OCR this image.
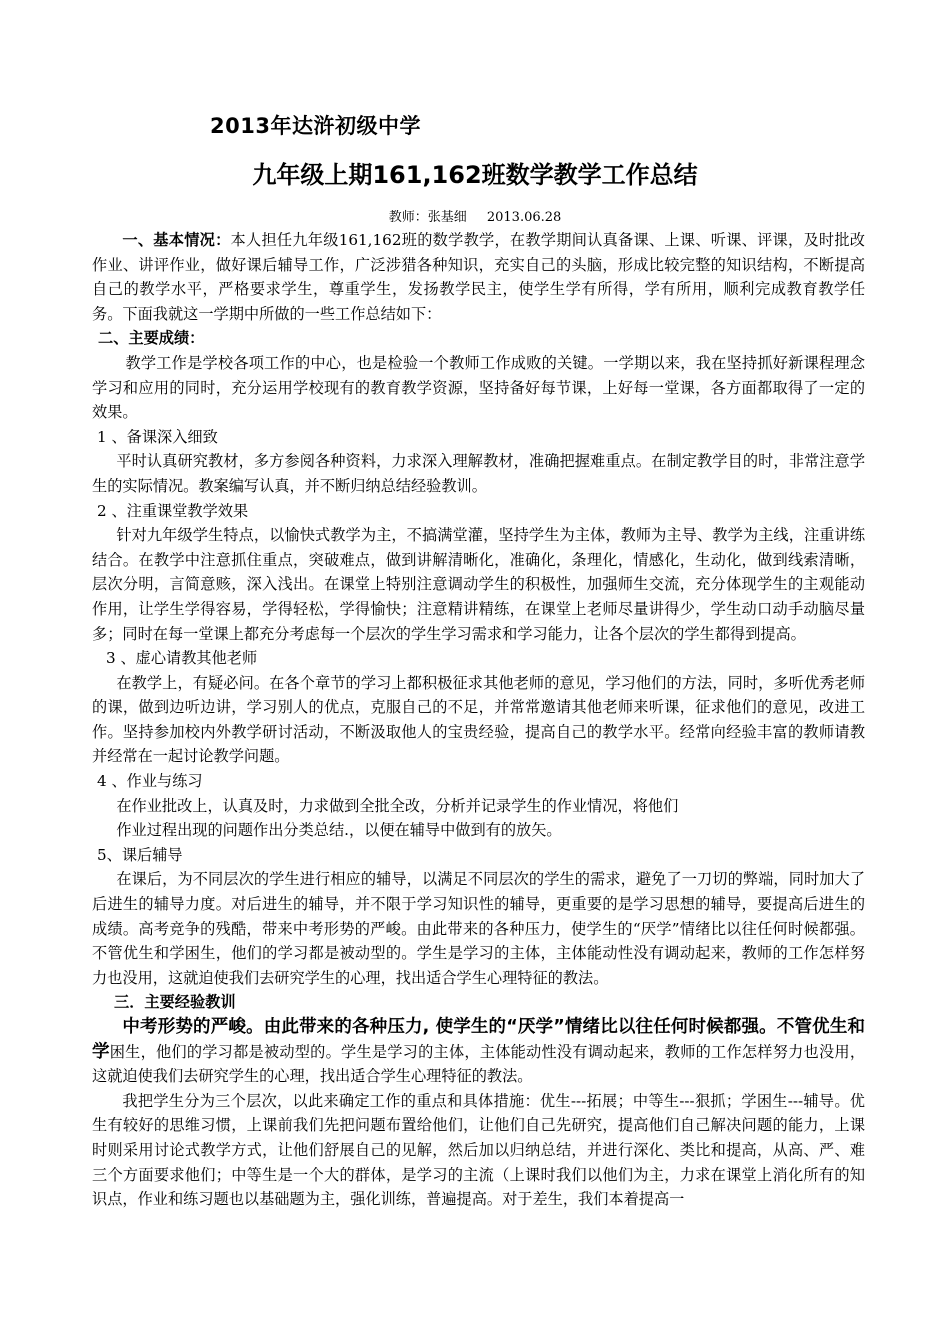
2013年达浒初级中学
九年级上期161,162班数学教学工作总结
教师：张基细 2013.06.28

一、基本情况：本人担任九年级161,162班的数学教学，在教学期间认真备课、上课、听课、评课，及时批改作业、讲评作业，做好课后辅导工作，广泛涉猎各种知识，充实自己的头脑，形成比较完整的知识结构，不断提高自己的教学水平，严格要求学生，尊重学生，发扬教学民主，使学生学有所得，学有所用，顺利完成教育教学任务。下面我就这一学期中所做的一些工作总结如下：

二、主要成绩：

教学工作是学校各项工作的中心，也是检验一个教师工作成败的关键。一学期以来，我在坚持抓好新课程理念学习和应用的同时，充分运用学校现有的教育教学资源，坚持备好每节课，上好每一堂课，各方面都取得了一定的效果。

1 、备课深入细致

平时认真研究教材，多方参阅各种资料，力求深入理解教材，准确把握难重点。在制定教学目的时，非常注意学生的实际情况。教案编写认真，并不断归纳总结经验教训。

2 、注重课堂教学效果

针对九年级学生特点，以愉快式教学为主，不搞满堂灌，坚持学生为主体，教师为主导、教学为主线，注重讲练结合。在教学中注意抓住重点，突破难点，做到讲解清晰化，准确化，条理化，情感化，生动化，做到线索清晰，层次分明，言简意赅，深入浅出。在课堂上特别注意调动学生的积极性，加强师生交流，充分体现学生的主观能动作用，让学生学得容易，学得轻松，学得愉快；注意精讲精练，在课堂上老师尽量讲得少，学生动口动手动脑尽量多；同时在每一堂课上都充分考虑每一个层次的学生学习需求和学习能力，让各个层次的学生都得到提高。

3 、虚心请教其他老师

在教学上，有疑必问。在各个章节的学习上都积极征求其他老师的意见，学习他们的方法，同时，多听优秀老师的课，做到边听边讲，学习别人的优点，克服自己的不足，并常常邀请其他老师来听课，征求他们的意见，改进工作。坚持参加校内外教学研讨活动，不断汲取他人的宝贵经验，提高自己的教学水平。经常向经验丰富的教师请教并经常在一起讨论教学问题。

4 、作业与练习

在作业批改上，认真及时，力求做到全批全改，分析并记录学生的作业情况，将他们

作业过程出现的问题作出分类总结.，以便在辅导中做到有的放矢。

5、课后辅导

在课后，为不同层次的学生进行相应的辅导，以满足不同层次的学生的需求，避免了一刀切的弊端，同时加大了后进生的辅导力度。对后进生的辅导，并不限于学习知识性的辅导，更重要的是学习思想的辅导，要提高后进生的成绩。高考竞争的残酷，带来中考形势的严峻。由此带来的各种压力，使学生的“厌学”情绪比以往任何时候都强。不管优生和学困生，他们的学习都是被动型的。学生是学习的主体，主体能动性没有调动起来，教师的工作怎样努力也没用，这就迫使我们去研究学生的心理，找出适合学生心理特征的教法。

三．主要经验教训

中考形势的严峻。由此带来的各种压力, 使学生的“厌学”情绪比以往任何时候都强。不管优生和学困生，他们的学习都是被动型的。学生是学习的主体，主体能动性没有调动起来，教师的工作怎样努力也没用，这就迫使我们去研究学生的心理，找出适合学生心理特征的教法。

我把学生分为三个层次，以此来确定工作的重点和具体措施：优生---拓展；中等生---狠抓；学困生---辅导。优生有较好的思维习惯，上课前我们先把问题布置给他们，让他们自己先研究，提高他们自己解决问题的能力，上课时则采用讨论式教学方式，让他们舒展自己的见解，然后加以归纳总结，并进行深化、类比和提高，从高、严、难三个方面要求他们；中等生是一个大的群体，是学习的主流（上课时我们以他们为主，力求在课堂上消化所有的知识点，作业和练习题也以基础题为主，强化训练，普遍提高。对于差生，我们本着提高一
